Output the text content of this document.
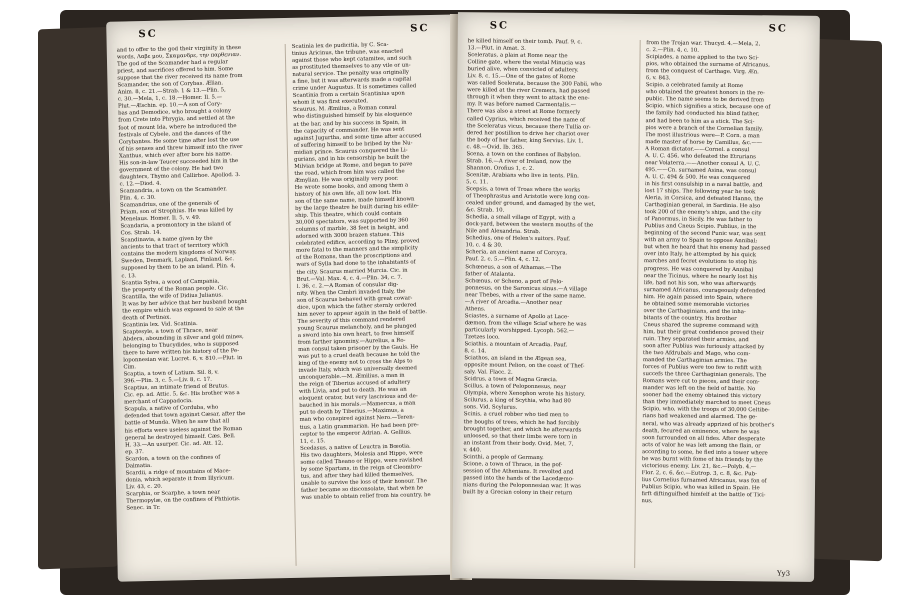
SC	SC
and to offer to the god their virginity in these
words, Λαβε μου, Σκαμανδρε, την παρθενιαν.
The god of the Scamander had a regular
priest, and sacrifices offered to him. Some
suppose that the river received its name from
Scamander, the son of Corybas. Ælian.
Anim. 8, c. 21.—Strab. 1 & 13.—Plin. 5,
c. 30.—Mela, 1, c. 18.—Homer. Il. 5.—
Plut.—Æschin. ep. 10.—A son of Cory-
bas and Demodice, who brought a colony
from Crete into Phrygia, and settled at the
foot of mount Ida, where he introduced the
festivals of Cybele, and the dances of the
Corybantes. He some time after lost the use
of his senses and threw himself into the river
Xanthus, which ever after bore his name.
His son-in-law Teucer succeeded him in the
government of the colony. He had two
daughters, Thymo and Callirhoe. Apollod. 3.
c. 12.—Diod. 4.
Scamandria, a town on the Scamander.
Plin. 4, c. 30.
Scamandrius, one of the generals of
Priam, son of Strophius. He was killed by
Menelaus. Homer. Il. 5, v. 49.
Scandaria, a promontory in the island of
Cos. Strab. 14.
Scandinavia, a name given by the
ancients to that tract of territory which
contains the modern kingdoms of Norway,
Sweden, Denmark, Lapland, Finland, &c.
supposed by them to be an island. Plin. 4,
c. 13.
Scantia Sylva, a wood of Campania,
the property of the Roman people. Cic.
Scantilla, the wife of Didius Julianus.
It was by her advice that her husband bought
the empire which was exposed to sale at the
death of Pertinax.
Scantinia lex. Vid. Scatinia.
Scaptesyle, a town of Thrace, near
Abdera, abounding in silver and gold mines,
belonging to Thucydides, who is supposed
there to have written his history of the Pe-
loponnesian war. Lucret. 6, v. 810.—Plut. in
Cim.
Scaptia, a town of Latium. Sil. 8, v.
396.—Plin. 3, c. 5.—Liv. 8, c. 17.
Scaptius, an intimate friend of Brutus.
Cic. ep. ad. Attic. 5, &c. His brother was a
merchant of Cappadocia.
Scapula, a native of Corduba, who
defended that town against Cæsar, after the
battle of Munda. When he saw that all
his efforts were useless against the Roman
general he destroyed himself. Cæs. Bell.
H. 33.—An usurper. Cic. ad. Att. 12,
ep. 37.
Scardon, a town on the confines of
Dalmatia.
Scardii, a ridge of mountains of Mace-
donia, which separate it from Illyricum.
Liv. 43, c. 20.
Scarphia, or Scarphe, a town near
Thermopylæ, on the confines of Phthiotis.
Senec. in Tr.
Scatinia lex de pudicitia, by C. Sca-
tinius Aricinus, the tribune, was enacted
against those who kept catamites, and such
as prostituted themselves to any vile or un-
natural service. The penalty was originally
a fine, but it was afterwards made a capital
crime under Augustus. It is sometimes called
Scantinia from a certain Scantinius upon
whom it was first executed.
Scaurus, M. Æmilius, a Roman consul
who distinguished himself by his eloquence
at the bar, and by his success in Spain, in
the capacity of commander. He was sent
against Jugurtha, and some time after accused
of suffering himself to be bribed by the Nu-
midian prince. Scaurus conquered the Li-
gurians, and in his censorship he built the
Milvian bridge at Rome, and began to pave
the road, which from him was called the
Æmylian. He was originally very poor.
He wrote some books, and among them a
history of his own life, all now lost. His
son of the same name, made himself known
by the large theatre he built during his edile-
ship. This theatre, which could contain
30,000 spectators, was supported by 360
columns of marble, 38 feet in height, and
adorned with 3000 brazen statues. This
celebrated edifice, according to Pliny, proved
more fatal to the manners and the simplicity
of the Romans, than the proscriptions and
wars of Sylla had done to the inhabitants of
the city. Scaurus married Murcia. Cic. in
Brut.—Val. Max. 4, c. 4.—Plin. 34, c. 7.
l. 36, c. 2.—A Roman of consular dig-
nity. When the Cimbri invaded Italy, the
son of Scaurus behaved with great cowar-
dice, upon which the father sternly ordered
him never to appear again in the field of battle.
The severity of this command rendered
young Scaurus melancholy, and he plunged
a sword into his own heart, to free himself
from farther ignominy.—Aurelius, a Ro-
man consul taken prisoner by the Gauls. He
was put to a cruel death because he told the
king of the enemy not to cross the Alps to
invade Italy, which was universally deemed
unconquerable.—M. Æmilius, a man in
the reign of Tiberius accused of adultery
with Livia, and put to death. He was an
eloquent orator, but very lascivious and de-
bauched in his morals.—Mamercus, a man
put to death by Tiberius.—Maximus, a
man who conspired against Nero.—Teren-
tius, a Latin grammarian. He had been pre-
ceptor to the emperor Adrian. A. Gellius.
11, c. 15.
Scedasus, a native of Leuctra in Bœotia.
His two daughters, Molesia and Hippo, were
some called Theano or Hippo, were ravished
by some Spartans, in the reign of Cleombro-
tus, and after they had killed themselves,
unable to survive the loss of their honour. The
father became so disconsolate, that when he
was unable to obtain relief from his country, he
SC	SC
he killed himself on their tomb. Pauf. 9, c.
13.—Plut. in Amat. 3.
Sceleratus, a plain at Rome near the
Colline gate, where the vestal Minucia was
buried alive, when convicted of adultery.
Liv. 8, c. 15.—One of the gates of Rome
was called Scelerata, because the 300 Fabii, who
were killed at the river Cremera, had passed
through it when they went to attack the ene-
my. It was before named Carmentalis.—
There was also a street at Rome formerly
called Cyprius, which received the name of
the Sceleratus vicus, because there Tullia or-
dered her postillion to drive her chariot over
the body of her father, king Servius. Liv. 1,
c. 48.—Ovid. Ib. 365.
Scena, a town on the confines of Babylon.
Strab. 16.—A river of Ireland, now the
Shannon. Orofius 1, c. 2.
Scenitæ, Arabians who live in tents. Plin.
5, c. 11.
Scepsis, a town of Troas where the works
of Theophrastus and Aristotle were long con-
cealed under ground, and damaged by the wet,
&c. Strab. 10.
Schedia, a small village of Egypt, with a
dock-yard, between the western mouths of the
Nile and Alexandria. Strab.
Schedius, one of Helen's suitors. Pauf.
10, c. 4 & 30.
Scheria, an ancient name of Corcyra.
Pauf. 2, c. 5.—Plin. 4, c. 12.
Schœneus, a son of Athamas.—The
father of Atalanta.
Schœnus, or Scheno, a port of Pelo-
ponnesus, on the Saronicus sinus.—A village
near Thebes, with a river of the same name.
—A river of Arcadia.—Another near
Athens.
Sciastes, a surname of Apollo at Lace-
dæmon, from the village Sciaf where he was
particularly worshipped. Lycoph. 562.—
Tzetzes loco.
Sciathis, a mountain of Arcadia. Pauf.
8, c. 14.
Sciathos, an island in the Ægean sea,
opposite mount Pelion, on the coast of Thef-
saly. Val. Flacc. 2.
Scidrus, a town of Magna Græcia.
Scillus, a town of Peloponnesus, near
Olympia, where Xenophon wrote his history.
Scilurus, a king of Scythia, who had 80
sons. Vid. Scylurus.
Scinis, a cruel robber who tied men to
the boughs of trees, which he had forcibly
brought together, and which he afterwards
unloosed, so that their limbs were torn in
an instant from their body. Ovid. Met. 7,
v. 440.
Scinthi, a people of Germany.
Scione, a town of Thrace, in the pof-
session of the Athenians. It revolted and
passed into the hands of the Lacedæmo-
nians during the Peloponnesian war. It was
built by a Grecian colony in their return
from the Trojan war. Thucyd. 4.—Mela, 2,
c. 2.—Plin. 4, c. 10.
Scipiades, a name applied to the two Sci-
pios, who obtained the surname of Africanus,
from the conquest of Carthage. Virg. Æn.
6, v. 843.
Scipio, a celebrated family at Rome
who obtained the greatest honors in the re-
public. The name seems to be derived from
Scipio, which signifies a stick, because one of
the family had conducted his blind father,
and had been to him as a stick. The Sci-
pios were a branch of the Cornelian family.
The most illustrious were—P. Corn. a man
made master of horse by Camillus, &c.——
A Roman dictator.——Cornel. a consul
A. U. C. 456, who defeated the Etrurians
near Volaterra.——Another consul A. U. C.
495.——Cn. surnamed Asina, was consul
A. U. C. 494 & 500. He was conquered
in his first consulship in a naval battle, and
lost 17 ships. The following year he took
Aleria, in Corsica, and defeated Hanno, the
Carthaginian general, in Sardinia. He also
took 200 of the enemy's ships, and the city
of Panormus, in Sicily. He was father to
Publius and Cneus Scipio. Publius, in the
beginning of the second Punic war, was sent
with an army to Spain to oppose Annibal;
but when he heard that his enemy had passed
over into Italy, he attempted by his quick
marches and fecret evolutions to stop his
progress. He was conquered by Annibal
near the Ticinus, where he nearly lost his
life, had not his son, who was afterwards
surnamed Africanus, courageously defended
him. He again passed into Spain, where
he obtained some memorable victories
over the Carthaginians, and the inha-
bitants of the country. His brother
Cneus shared the supreme command with
him, but their great confidence proved their
ruin. They separated their armies, and
soon after Publius was furiously attacked by
the two Afdrubals and Mago, who com-
manded the Carthaginian armies. The
forces of Publius were too few to refift with
succefs the three Carthaginian generals. The
Romans were cut to pieces, and their com-
mander was left on the field of battle. No
sooner had the enemy obtained this victory
than they immediately marched to meet Cneus
Scipio, who, with the troops of 30,000 Celtibe-
rians had weakened and alarmed. The ge-
neral, who was already apprized of his brother's
death, fecured an eminence, where he was
soon furrounded on all fides. After desperate
acts of valor he was left among the flain, or
according to some, he fled into a tower where
he was burnt with fome of his friends by the
victorious enemy. Liv. 21, &c.—Polyb. 4.—
Flor. 2, c. 6, &c.—Eutrop. 3, c. 8, &c. Pub-
lius Cornelius furnamed Africanus, was fon of
Publius Scipio, who was killed in Spain. He
firft diftinguifhed himfelf at the battle of Tici-
nus,
Yy3
